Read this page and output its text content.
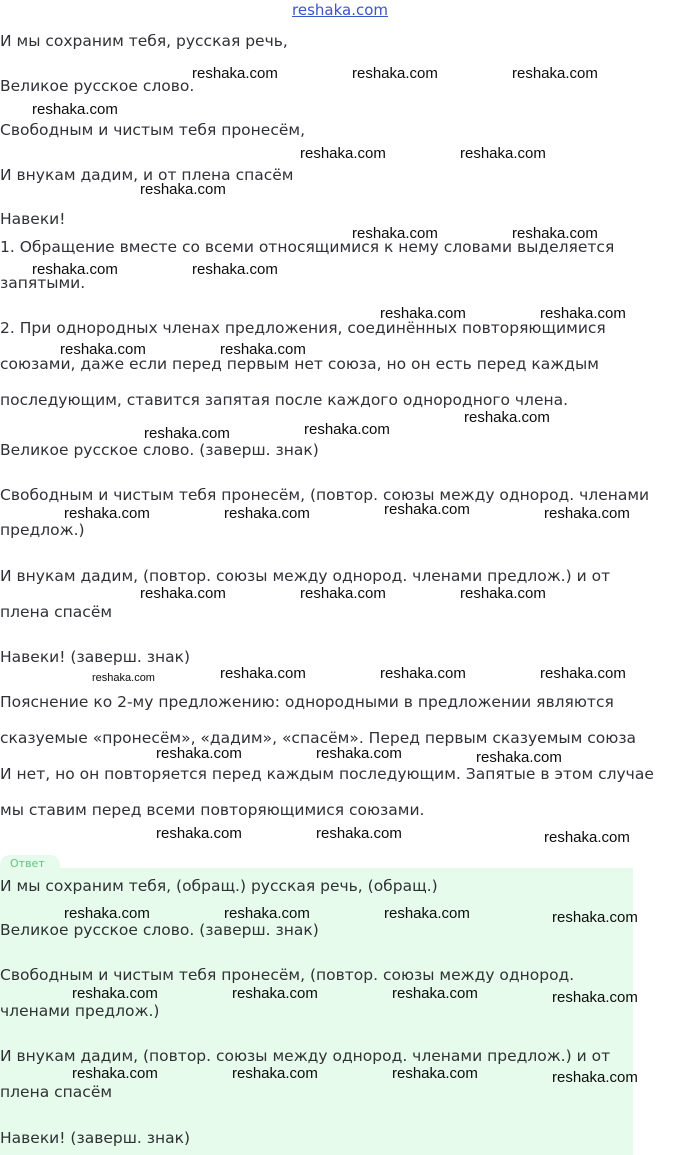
reshaka.com
Ответ

И мы сохраним тебя, русская речь,

Великое русское слово.

Свободным и чистым тебя пронесём,

И внукам дадим, и от плена спасём

Навеки!

1. Обращение вместе со всеми относящимися к нему словами выделяется

запятыми.

2. При однородных членах предложения, соединённых повторяющимися

союзами, даже если перед первым нет союза, но он есть перед каждым

последующим, ставится запятая после каждого однородного члена.

Великое русское слово. (заверш. знак)

Свободным и чистым тебя пронесём, (повтор. союзы между однород. членами

предлож.)

И внукам дадим, (повтор. союзы между однород. членами предлож.) и от

плена спасём

Навеки! (заверш. знак)

Пояснение ко 2-му предложению: однородными в предложении являются

сказуемые «пронесём», «дадим», «спасём». Перед первым сказуемым союза

И нет, но он повторяется перед каждым последующим. Запятые в этом случае

мы ставим перед всеми повторяющимися союзами.

И мы сохраним тебя, (обращ.) русская речь, (обращ.)

Великое русское слово. (заверш. знак)

Свободным и чистым тебя пронесём, (повтор. союзы между однород.

членами предлож.)

И внукам дадим, (повтор. союзы между однород. членами предлож.) и от

плена спасём

Навеки! (заверш. знак)

reshaka.com	reshaka.com	reshaka.com
reshaka.com
reshaka.com	reshaka.com
reshaka.com
reshaka.com	reshaka.com
reshaka.com	reshaka.com
reshaka.com	reshaka.com
reshaka.com	reshaka.com
reshaka.com
reshaka.com
reshaka.com
reshaka.com
reshaka.com	reshaka.com	reshaka.com
reshaka.com	reshaka.com	reshaka.com
reshaka.com	reshaka.com	reshaka.com	reshaka.com
reshaka.com	reshaka.com	reshaka.com
reshaka.com	reshaka.com	reshaka.com
reshaka.com	reshaka.com	reshaka.com	reshaka.com
reshaka.com	reshaka.com	reshaka.com	reshaka.com
reshaka.com	reshaka.com	reshaka.com	reshaka.com
